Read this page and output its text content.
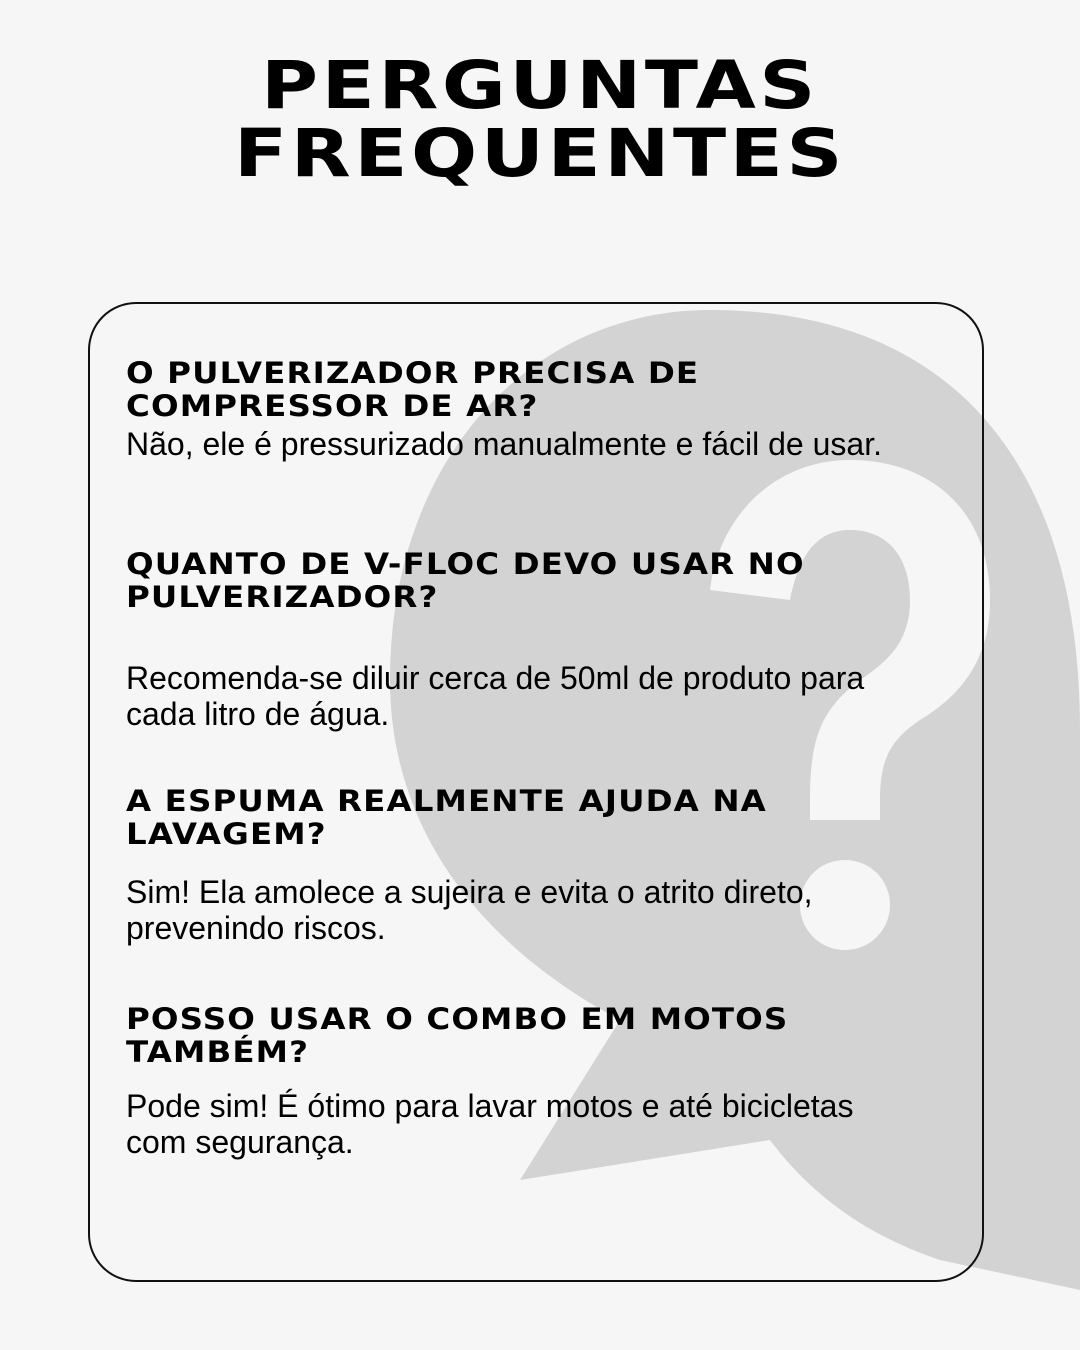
PERGUNTAS
FREQUENTES
O PULVERIZADOR PRECISA DE
COMPRESSOR DE AR?
Não, ele é pressurizado manualmente e fácil de usar.
QUANTO DE V-FLOC DEVO USAR NO
PULVERIZADOR?
Recomenda-se diluir cerca de 50ml de produto para
cada litro de água.
A ESPUMA REALMENTE AJUDA NA
LAVAGEM?
Sim! Ela amolece a sujeira e evita o atrito direto,
prevenindo riscos.
POSSO USAR O COMBO EM MOTOS
TAMBÉM?
Pode sim! É ótimo para lavar motos e até bicicletas
com segurança.
